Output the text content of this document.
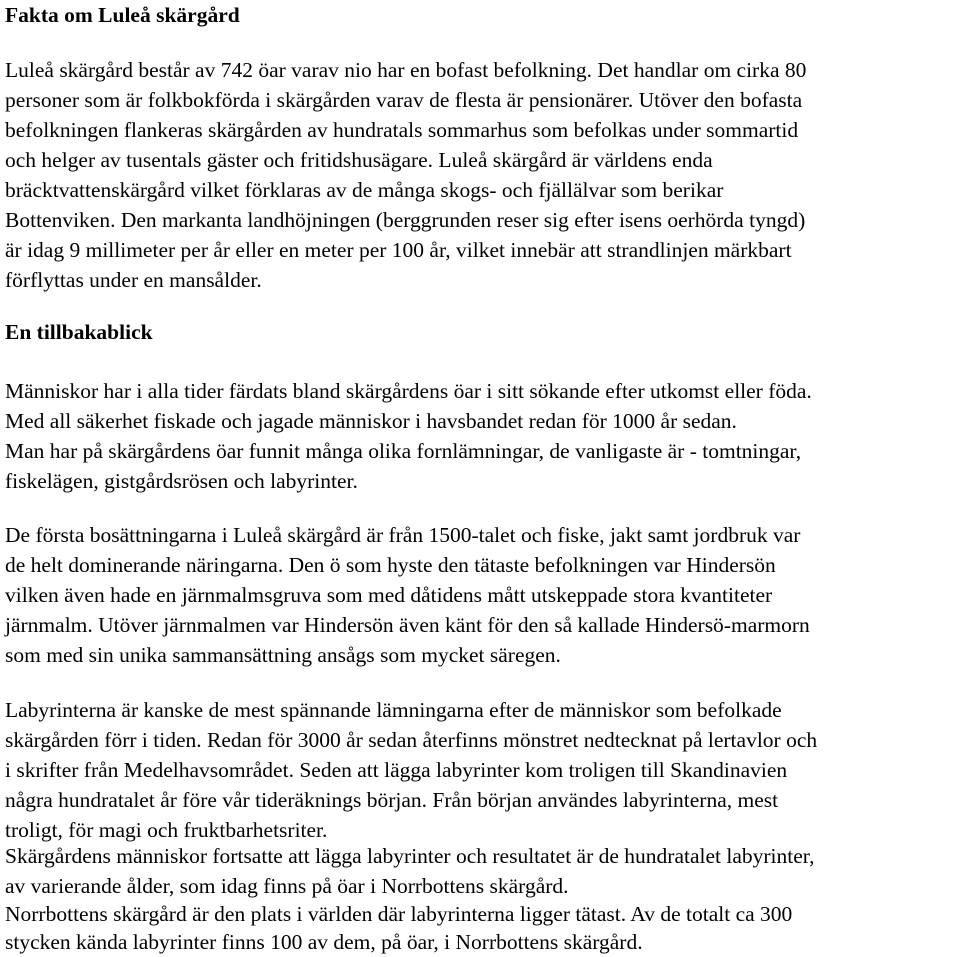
Fakta om Luleå skärgård
Luleå skärgård består av 742 öar varav nio har en bofast befolkning. Det handlar om cirka 80
personer som är folkbokförda i skärgården varav de flesta är pensionärer. Utöver den bofasta
befolkningen flankeras skärgården av hundratals sommarhus som befolkas under sommartid
och helger av tusentals gäster och fritidshusägare. Luleå skärgård är världens enda
bräcktvattenskärgård vilket förklaras av de många skogs- och fjällälvar som berikar
Bottenviken. Den markanta landhöjningen (berggrunden reser sig efter isens oerhörda tyngd)
är idag 9 millimeter per år eller en meter per 100 år, vilket innebär att strandlinjen märkbart
förflyttas under en mansålder.
En tillbakablick
Människor har i alla tider färdats bland skärgårdens öar i sitt sökande efter utkomst eller föda.
Med all säkerhet fiskade och jagade människor i havsbandet redan för 1000 år sedan.
Man har på skärgårdens öar funnit många olika fornlämningar, de vanligaste är - tomtningar,
fiskelägen, gistgårdsrösen och labyrinter.
De första bosättningarna i Luleå skärgård är från 1500-talet och fiske, jakt samt jordbruk var
de helt dominerande näringarna. Den ö som hyste den tätaste befolkningen var Hindersön
vilken även hade en järnmalmsgruva som med dåtidens mått utskeppade stora kvantiteter
järnmalm. Utöver järnmalmen var Hindersön även känt för den så kallade Hindersö-marmorn
som med sin unika sammansättning ansågs som mycket säregen.
Labyrinterna är kanske de mest spännande lämningarna efter de människor som befolkade
skärgården förr i tiden. Redan för 3000 år sedan återfinns mönstret nedtecknat på lertavlor och
i skrifter från Medelhavsområdet. Seden att lägga labyrinter kom troligen till Skandinavien
några hundratalet år före vår tideräknings början. Från början användes labyrinterna, mest
troligt, för magi och fruktbarhetsriter.
Skärgårdens människor fortsatte att lägga labyrinter och resultatet är de hundratalet labyrinter,
av varierande ålder, som idag finns på öar i Norrbottens skärgård.
Norrbottens skärgård är den plats i världen där labyrinterna ligger tätast. Av de totalt ca 300
stycken kända labyrinter finns 100 av dem, på öar, i Norrbottens skärgård.
